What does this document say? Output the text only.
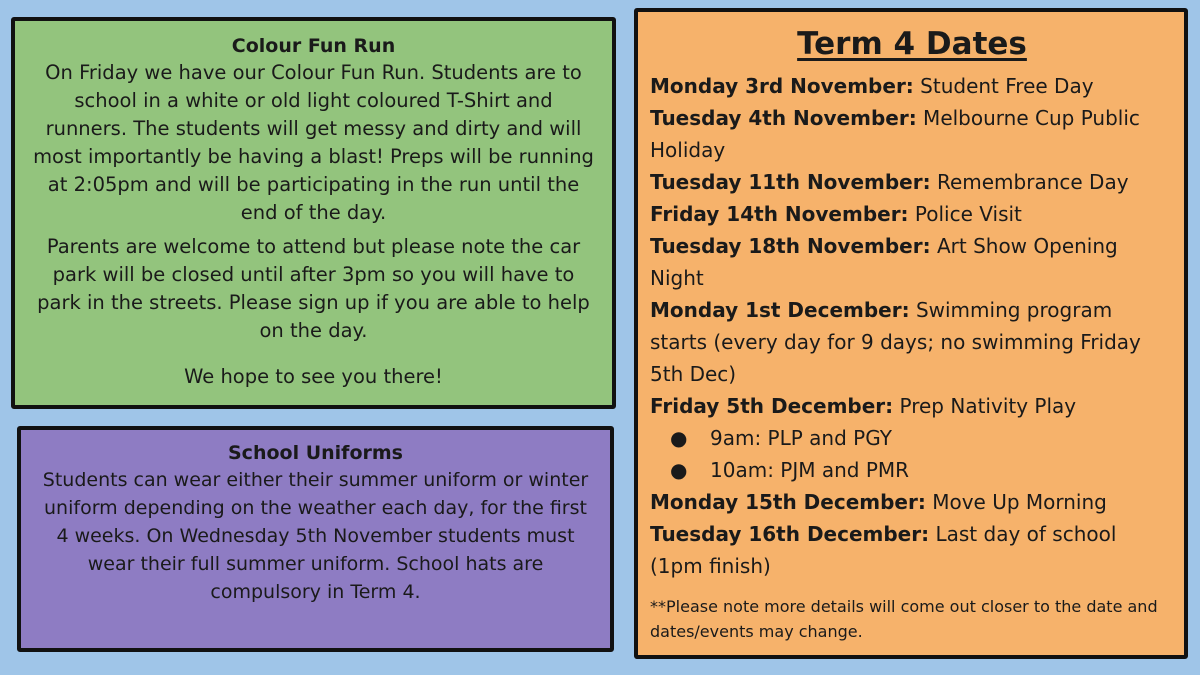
Colour Fun Run

On Friday we have our Colour Fun Run. Students are to school in a white or old light coloured T-Shirt and runners. The students will get messy and dirty and will most importantly be having a blast! Preps will be running at 2:05pm and will be participating in the run until the end of the day.

Parents are welcome to attend but please note the car park will be closed until after 3pm so you will have to park in the streets. Please sign up if you are able to help on the day.

We hope to see you there!

School Uniforms

Students can wear either their summer uniform or winter uniform depending on the weather each day, for the first 4 weeks. On Wednesday 5th November students must wear their full summer uniform. School hats are compulsory in Term 4.

Term 4 Dates

Monday 3rd November: Student Free Day

Tuesday 4th November: Melbourne Cup Public Holiday

Tuesday 11th November: Remembrance Day

Friday 14th November: Police Visit

Tuesday 18th November: Art Show Opening Night

Monday 1st December: Swimming program starts (every day for 9 days; no swimming Friday 5th Dec)

Friday 5th December: Prep Nativity Play

● 9am: PLP and PGY
● 10am: PJM and PMR

Monday 15th December: Move Up Morning

Tuesday 16th December: Last day of school (1pm finish)

**Please note more details will come out closer to the date and dates/events may change.
